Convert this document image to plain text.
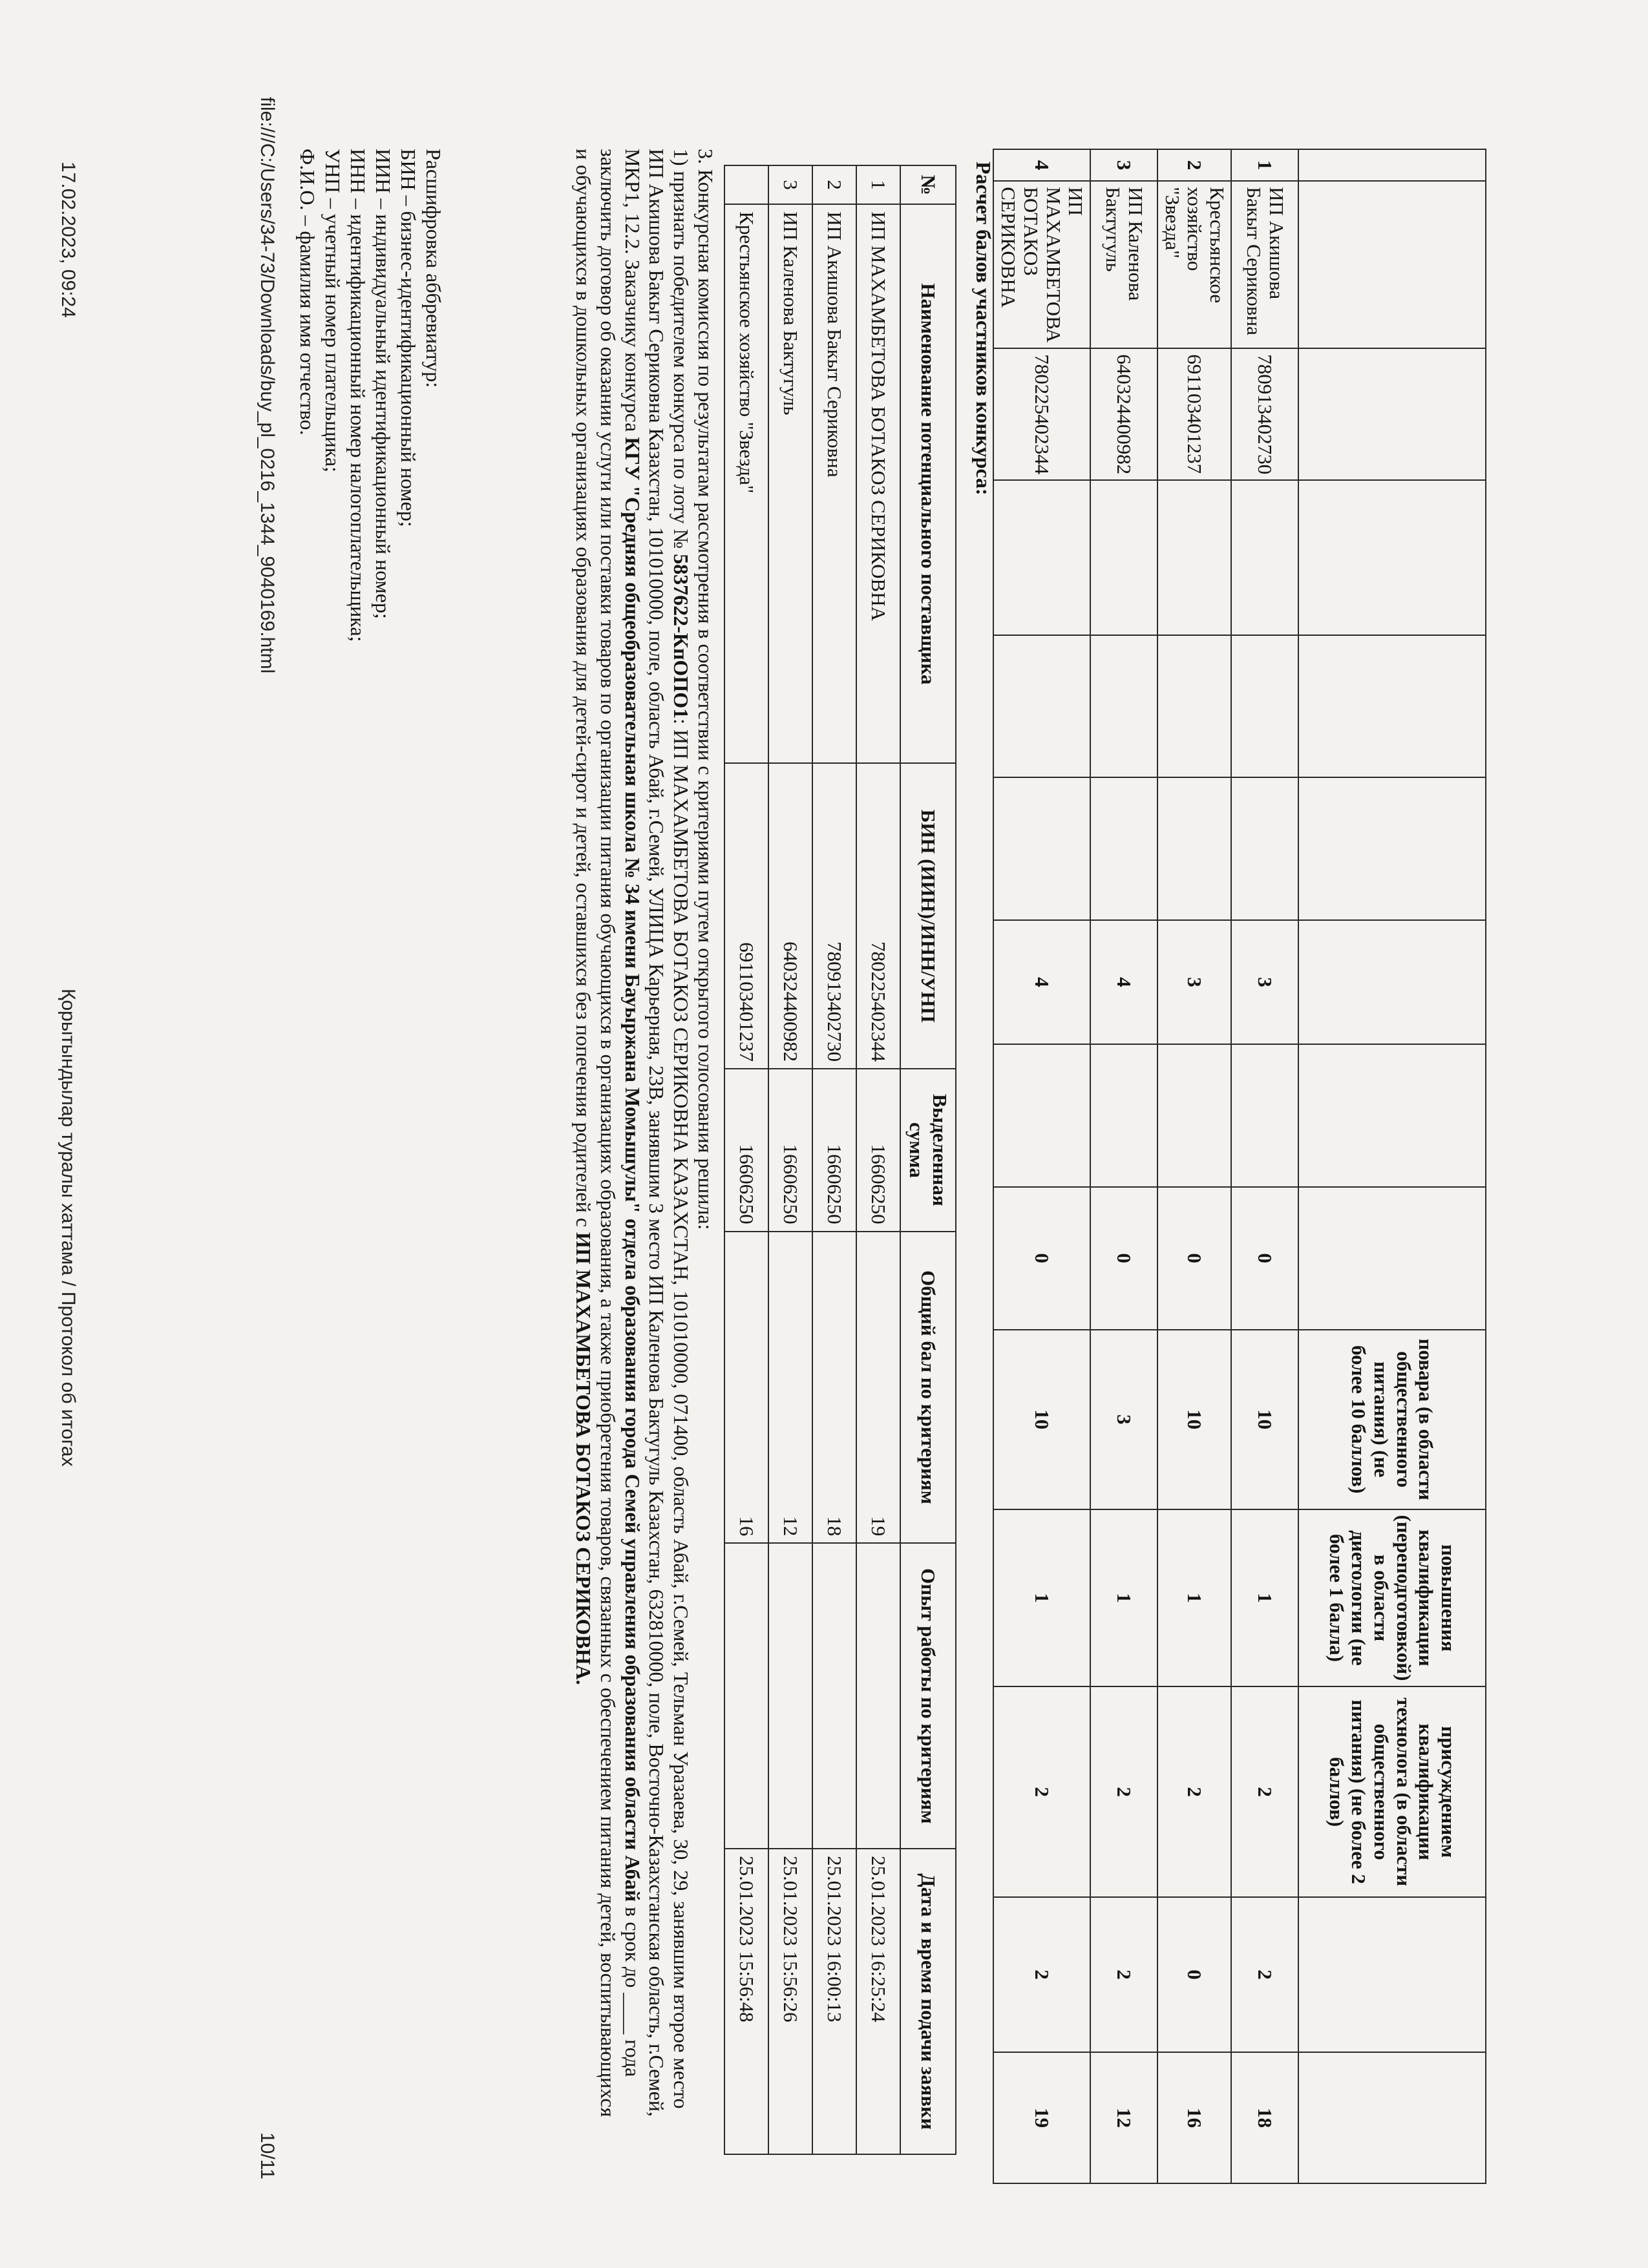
17.02.2023, 09:24
Қорытындылар туралы хаттама / Протокол об итогах
										повара (в области общественного питания) (не более 10 баллов)	повышения квалификации (переподготовкой) в области диетологии (не более 1 балла)	присуждением квалификации технолога (в области общественного питания) (не более 2 баллов)		
1	ИП Акишова Бакыт Сериковна	780913402730				3		0	10	1	2	2	18
2	Крестьянское хозяйство "Звезда"	691103401237				3		0	10	1	2	0	16
3	ИП Каленова Бактугуль	640324400982				4		0	3	1	2	2	12
4	ИП МАХАМБЕТОВА БОТАКОЗ СЕРИКОВНА	780225402344				4		0	10	1	2	2	19
Расчет балов участников конкурса:
№	Наименование потенциального поставщика	БИН (ИИН)/ИНН/УНП	Выделенная сумма	Общий бал по критериям	Опыт работы по критериям	Дата и время подачи заявки
1	ИП МАХАМБЕТОВА БОТАКОЗ СЕРИКОВНА	780225402344	16606250	19		25.01.2023 16:25:24
2	ИП Акишова Бакыт Сериковна	780913402730	16606250	18		25.01.2023 16:00:13
3	ИП Каленова Бактугуль	640324400982	16606250	12		25.01.2023 15:56:26
	Крестьянское хозяйство "Звезда"	691103401237	16606250	16		25.01.2023 15:56:48

3. Конкурсная комиссия по результатам рассмотрения в соответствии с критериями путем открытого голосования решила:

1) признать победителем конкурса по лоту № 5837622-КпОПО1: ИП МАХАМБЕТОВА БОТАКОЗ СЕРИКОВНА КАЗАХСТАН, 101010000, 071400, область Абай, г.Семей, Тельман Уразаева, 30, 29, занявшим второе место ИП Акишова Бакыт Сериковна Казахстан, 101010000, поле, область Абай, г.Семей, УЛИЦА Карьерная, 23В, занявшим 3 место ИП Каленова Бактугуль Казахстан, 632810000, поле, Восточно-Казахстанская область, г.Семей, МКР1, 12.2. Заказчику конкурса КГУ "Средняя общеобразовательная школа № 34 имени Бауыржана Момышулы" отдела образования города Семей управления образования области Абай в срок до ____ года заключить договор об оказании услуги или поставки товаров по организации питания обучающихся в организациях образования, а также приобретения товаров, связанных с обеспечением питания детей, воспитывающихся и обучающихся в дошкольных организациях образования для детей-сирот и детей, оставшихся без попечения родителей с ИП МАХАМБЕТОВА БОТАКОЗ СЕРИКОВНА.

Расшифровка аббревиатур:

БИН – бизнес-идентификационный номер;

ИИН – индивидуальный идентификационный номер;

ИНН – идентификационный номер налогоплательщика;

УНП – учетный номер плательщика;

Ф.И.О. – фамилия имя отчество.

file:///C:/Users/34-73/Downloads/buy_pl_0216_1344_9040169.html
10/11
